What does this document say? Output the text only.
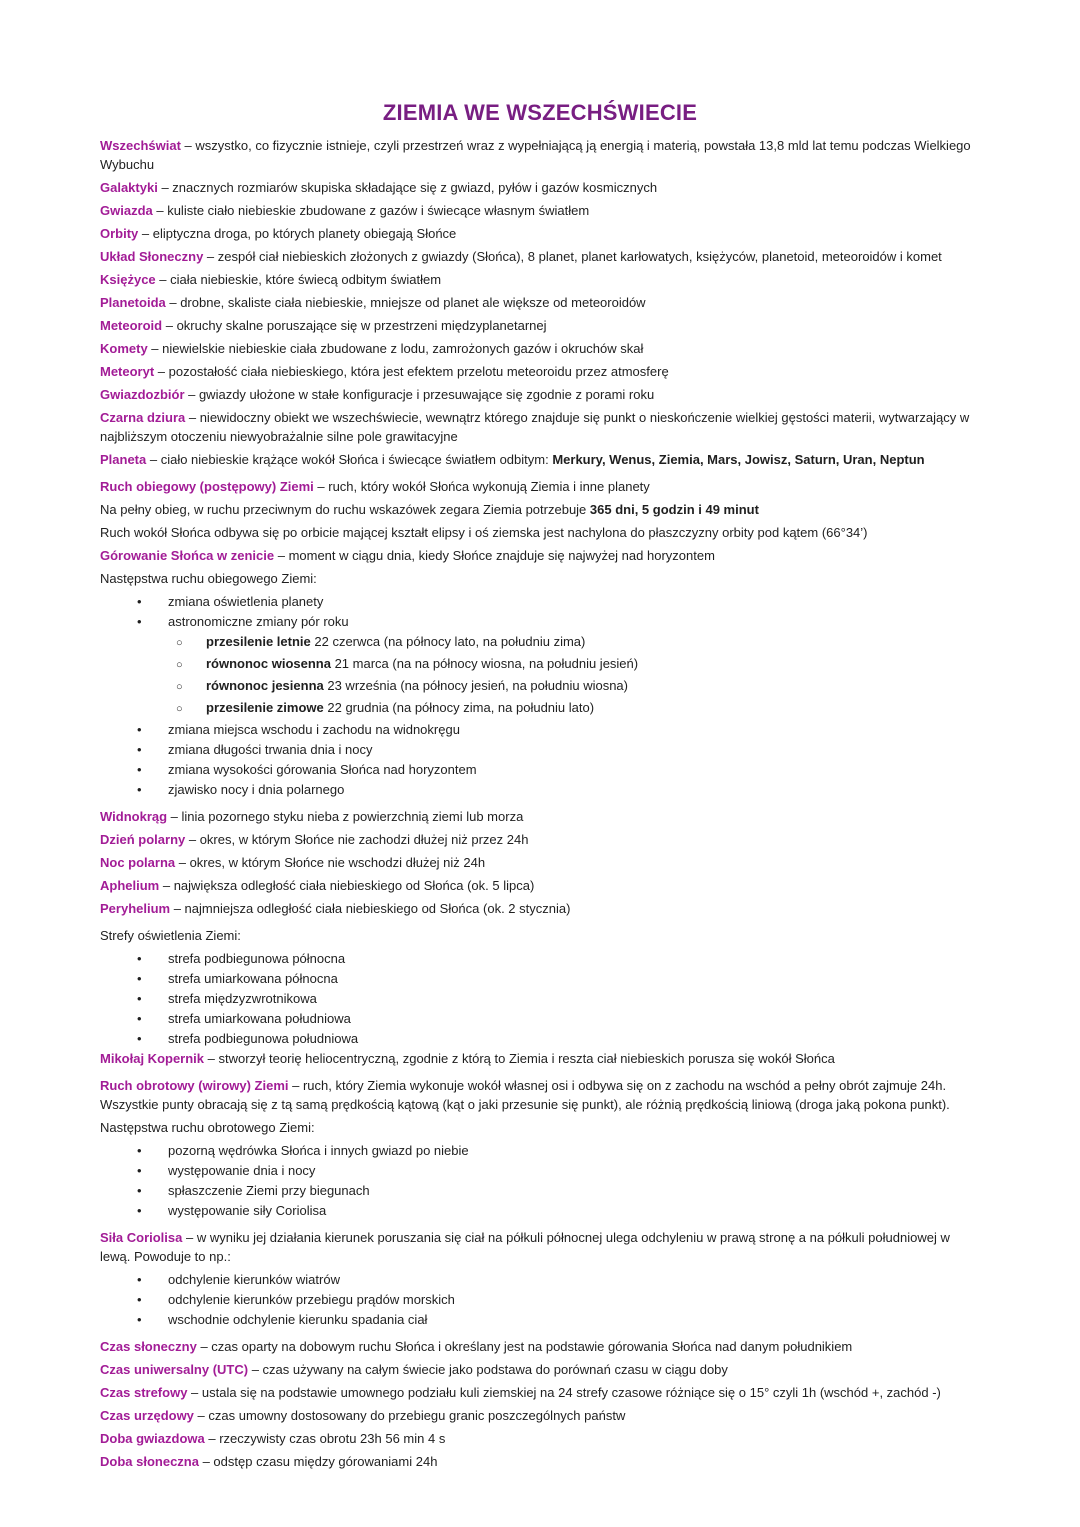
ZIEMIA WE WSZECHŚWIECIE
Wszechświat – wszystko, co fizycznie istnieje, czyli przestrzeń wraz z wypełniającą ją energią i materią, powstała 13,8 mld lat temu podczas Wielkiego Wybuchu
Galaktyki – znacznych rozmiarów skupiska składające się z gwiazd, pyłów i gazów kosmicznych
Gwiazda – kuliste ciało niebieskie zbudowane z gazów i świecące własnym światłem
Orbity – eliptyczna droga, po których planety obiegają Słońce
Układ Słoneczny – zespół ciał niebieskich złożonych z gwiazdy (Słońca), 8 planet, planet karłowatych, księżyców, planetoid, meteoroidów i komet
Księżyce – ciała niebieskie, które świecą odbitym światłem
Planetoida – drobne, skaliste ciała niebieskie, mniejsze od planet ale większe od meteoroidów
Meteoroid – okruchy skalne poruszające się w przestrzeni międzyplanetarnej
Komety – niewielskie niebieskie ciała zbudowane z lodu, zamrożonych gazów i okruchów skał
Meteoryt – pozostałość ciała niebieskiego, która jest efektem przelotu meteoroidu przez atmosferę
Gwiazdozbiór – gwiazdy ułożone w stałe konfiguracje i przesuwające się zgodnie z porami roku
Czarna dziura – niewidoczny obiekt we wszechświecie, wewnątrz którego znajduje się punkt o nieskończenie wielkiej gęstości materii, wytwarzający w najbliższym otoczeniu niewyobrażalnie silne pole grawitacyjne
Planeta – ciało niebieskie krążące wokół Słońca i świecące światłem odbitym: Merkury, Wenus, Ziemia, Mars, Jowisz, Saturn, Uran, Neptun
Ruch obiegowy (postępowy) Ziemi – ruch, który wokół Słońca wykonują Ziemia i inne planety
Na pełny obieg, w ruchu przeciwnym do ruchu wskazówek zegara Ziemia potrzebuje 365 dni, 5 godzin i 49 minut
Ruch wokół Słońca odbywa się po orbicie mającej kształt elipsy i oś ziemska jest nachylona do płaszczyzny orbity pod kątem (66°34’)
Górowanie Słońca w zenicie – moment w ciągu dnia, kiedy Słońce znajduje się najwyżej nad horyzontem
Następstwa ruchu obiegowego Ziemi:
• zmiana oświetlenia planety
• astronomiczne zmiany pór roku
○ przesilenie letnie 22 czerwca (na północy lato, na południu zima)
○ równonoc wiosenna 21 marca (na na północy wiosna, na południu jesień)
○ równonoc jesienna 23 września (na północy jesień, na południu wiosna)
○ przesilenie zimowe 22 grudnia (na północy zima, na południu lato)
• zmiana miejsca wschodu i zachodu na widnokręgu
• zmiana długości trwania dnia i nocy
• zmiana wysokości górowania Słońca nad horyzontem
• zjawisko nocy i dnia polarnego
Widnokrąg – linia pozornego styku nieba z powierzchnią ziemi lub morza
Dzień polarny – okres, w którym Słońce nie zachodzi dłużej niż przez 24h
Noc polarna – okres, w którym Słońce nie wschodzi dłużej niż 24h
Aphelium – największa odległość ciała niebieskiego od Słońca (ok. 5 lipca)
Peryhelium – najmniejsza odległość ciała niebieskiego od Słońca (ok. 2 stycznia)
Strefy oświetlenia Ziemi:
• strefa podbiegunowa północna
• strefa umiarkowana północna
• strefa międzyzwrotnikowa
• strefa umiarkowana południowa
• strefa podbiegunowa południowa
Mikołaj Kopernik – stworzył teorię heliocentryczną, zgodnie z którą to Ziemia i reszta ciał niebieskich porusza się wokół Słońca
Ruch obrotowy (wirowy) Ziemi – ruch, który Ziemia wykonuje wokół własnej osi i odbywa się on z zachodu na wschód a pełny obrót zajmuje 24h. Wszystkie punty obracają się z tą samą prędkością kątową (kąt o jaki przesunie się punkt), ale różnią prędkością liniową (droga jaką pokona punkt).
Następstwa ruchu obrotowego Ziemi:
• pozorną wędrówka Słońca i innych gwiazd po niebie
• występowanie dnia i nocy
• spłaszczenie Ziemi przy biegunach
• występowanie siły Coriolisa
Siła Coriolisa – w wyniku jej działania kierunek poruszania się ciał na półkuli północnej ulega odchyleniu w prawą stronę a na półkuli południowej w lewą. Powoduje to np.:
• odchylenie kierunków wiatrów
• odchylenie kierunków przebiegu prądów morskich
• wschodnie odchylenie kierunku spadania ciał
Czas słoneczny – czas oparty na dobowym ruchu Słońca i określany jest na podstawie górowania Słońca nad danym południkiem
Czas uniwersalny (UTC) – czas używany na całym świecie jako podstawa do porównań czasu w ciągu doby
Czas strefowy – ustala się na podstawie umownego podziału kuli ziemskiej na 24 strefy czasowe różniące się o 15° czyli 1h (wschód +, zachód -)
Czas urzędowy – czas umowny dostosowany do przebiegu granic poszczególnych państw
Doba gwiazdowa – rzeczywisty czas obrotu 23h 56 min 4 s
Doba słoneczna – odstęp czasu między górowaniami 24h
